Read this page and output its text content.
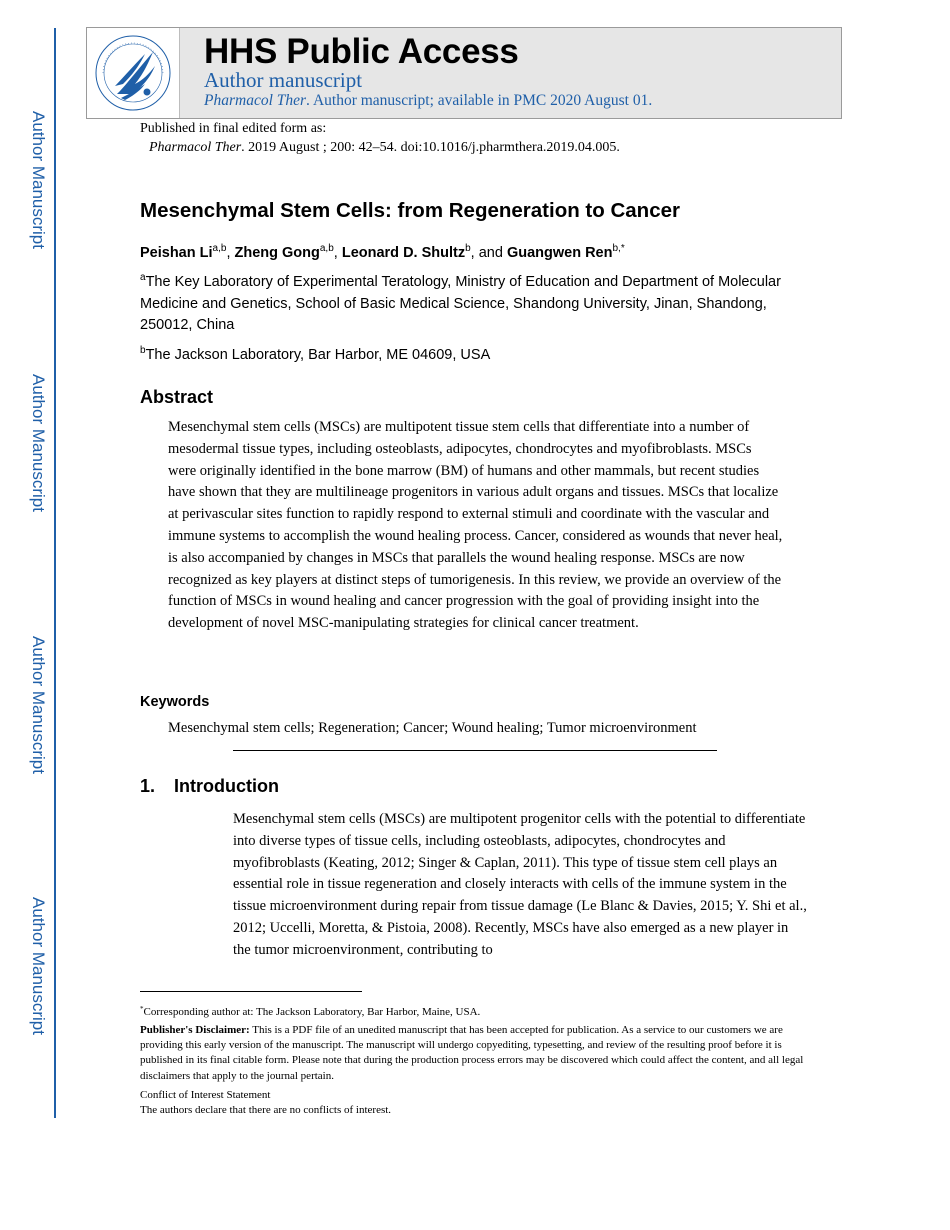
Author Manuscript
Author Manuscript
Author Manuscript
Author Manuscript
HHS Public Access
Author manuscript
Pharmacol Ther. Author manuscript; available in PMC 2020 August 01.
Published in final edited form as:
Pharmacol Ther. 2019 August ; 200: 42–54. doi:10.1016/j.pharmthera.2019.04.005.
Mesenchymal Stem Cells: from Regeneration to Cancer
Peishan Li$^{a,b}$, Zheng Gong$^{a,b}$, Leonard D. Shultz$^b$, and Guangwen Ren$^{b,*}$
$^a$The Key Laboratory of Experimental Teratology, Ministry of Education and Department of Molecular Medicine and Genetics, School of Basic Medical Science, Shandong University, Jinan, Shandong, 250012, China
$^b$The Jackson Laboratory, Bar Harbor, ME 04609, USA
Abstract
Mesenchymal stem cells (MSCs) are multipotent tissue stem cells that differentiate into a number of mesodermal tissue types, including osteoblasts, adipocytes, chondrocytes and myofibroblasts. MSCs were originally identified in the bone marrow (BM) of humans and other mammals, but recent studies have shown that they are multilineage progenitors in various adult organs and tissues. MSCs that localize at perivascular sites function to rapidly respond to external stimuli and coordinate with the vascular and immune systems to accomplish the wound healing process. Cancer, considered as wounds that never heal, is also accompanied by changes in MSCs that parallels the wound healing response. MSCs are now recognized as key players at distinct steps of tumorigenesis. In this review, we provide an overview of the function of MSCs in wound healing and cancer progression with the goal of providing insight into the development of novel MSC-manipulating strategies for clinical cancer treatment.
Keywords
Mesenchymal stem cells; Regeneration; Cancer; Wound healing; Tumor microenvironment
1. Introduction
Mesenchymal stem cells (MSCs) are multipotent progenitor cells with the potential to differentiate into diverse types of tissue cells, including osteoblasts, adipocytes, chondrocytes and myofibroblasts (Keating, 2012; Singer & Caplan, 2011). This type of tissue stem cell plays an essential role in tissue regeneration and closely interacts with cells of the immune system in the tissue microenvironment during repair from tissue damage (Le Blanc & Davies, 2015; Y. Shi et al., 2012; Uccelli, Moretta, & Pistoia, 2008). Recently, MSCs have also emerged as a new player in the tumor microenvironment, contributing to
*Corresponding author at: The Jackson Laboratory, Bar Harbor, Maine, USA.
Publisher's Disclaimer: This is a PDF file of an unedited manuscript that has been accepted for publication. As a service to our customers we are providing this early version of the manuscript. The manuscript will undergo copyediting, typesetting, and review of the resulting proof before it is published in its final citable form. Please note that during the production process errors may be discovered which could affect the content, and all legal disclaimers that apply to the journal pertain.
Conflict of Interest Statement
The authors declare that there are no conflicts of interest.
